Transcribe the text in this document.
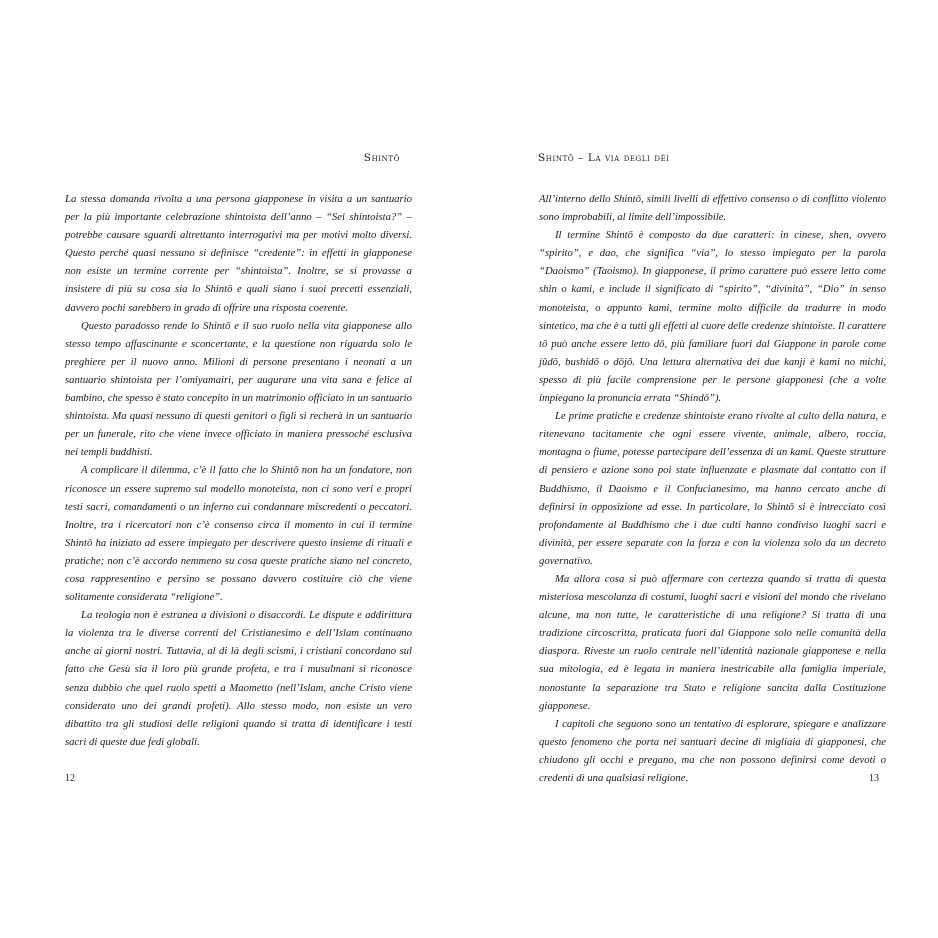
Shintō

La stessa domanda rivolta a una persona giapponese in visita a un santuario per la più importante celebrazione shintoista dell’anno – “Sei shintoista?” – potrebbe causare sguardi altrettanto interrogativi ma per motivi molto diversi. Questo perché quasi nessuno si definisce “credente”: in effetti in giapponese non esiste un termine corrente per “shintoista”. Inoltre, se si provasse a insistere di più su cosa sia lo Shintō e quali siano i suoi precetti essenziali, davvero pochi sarebbero in grado di offrire una risposta coerente.

Questo paradosso rende lo Shintō e il suo ruolo nella vita giapponese allo stesso tempo affascinante e sconcertante, e la questione non riguarda solo le preghiere per il nuovo anno. Milioni di persone presentano i neonati a un santuario shintoista per l’omiyamairi, per augurare una vita sana e felice al bambino, che spesso è stato concepito in un matrimonio officiato in un santuario shintoista. Ma quasi nessuno di questi genitori o figli si recherà in un santuario per un funerale, rito che viene invece officiato in maniera pressoché esclusiva nei templi buddhisti.

A complicare il dilemma, c’è il fatto che lo Shintō non ha un fondatore, non riconosce un essere supremo sul modello monoteista, non ci sono veri e propri testi sacri, comandamenti o un inferno cui condannare miscredenti o peccatori. Inoltre, tra i ricercatori non c’è consenso circa il momento in cui il termine Shintō ha iniziato ad essere impiegato per descrivere questo insieme di rituali e pratiche; non c’è accordo nemmeno su cosa queste pratiche siano nel concreto, cosa rappresentino e persino se possano davvero costituire ciò che viene solitamente considerata “religione”.

La teologia non è estranea a divisioni o disaccordi. Le dispute e addirittura la violenza tra le diverse correnti del Cristianesimo e dell’Islam continuano anche ai giorni nostri. Tuttavia, al di là degli scismi, i cristiani concordano sul fatto che Gesù sia il loro più grande profeta, e tra i musulmani si riconosce senza dubbio che quel ruolo spetti a Maometto (nell’Islam, anche Cristo viene considerato uno dei grandi profeti). Allo stesso modo, non esiste un vero dibattito tra gli studiosi delle religioni quando si tratta di identificare i testi sacri di queste due fedi globali.

12
Shintō – La via degli dèi

All’interno dello Shintō, simili livelli di effettivo consenso o di conflitto violento sono improbabili, al limite dell’impossibile.

Il termine Shintō è composto da due caratteri: in cinese, shen, ovvero “spirito”, e dao, che significa “via”, lo stesso impiegato per la parola “Daoismo” (Taoismo). In giapponese, il primo carattere può essere letto come shin o kami, e include il significato di “spirito”, “divinità”, “Dio” in senso monoteista, o appunto kami, termine molto difficile da tradurre in modo sintetico, ma che è a tutti gli effetti al cuore delle credenze shintoiste. Il carattere tō può anche essere letto dō, più familiare fuori dal Giappone in parole come jūdō, bushidō o dōjō. Una lettura alternativa dei due kanji è kami no michi, spesso di più facile comprensione per le persone giapponesi (che a volte impiegano la pronuncia errata “Shindō”).

Le prime pratiche e credenze shintoiste erano rivolte al culto della natura, e ritenevano tacitamente che ogni essere vivente, animale, albero, roccia, montagna o fiume, potesse partecipare dell’essenza di un kami. Queste strutture di pensiero e azione sono poi state influenzate e plasmate dal contatto con il Buddhismo, il Daoismo e il Confucianesimo, ma hanno cercato anche di definirsi in opposizione ad esse. In particolare, lo Shintō si è intrecciato così profondamente al Buddhismo che i due culti hanno condiviso luoghi sacri e divinità, per essere separate con la forza e con la violenza solo da un decreto governativo.

Ma allora cosa si può affermare con certezza quando si tratta di questa misteriosa mescolanza di costumi, luoghi sacri e visioni del mondo che rivelano alcune, ma non tutte, le caratteristiche di una religione? Si tratta di una tradizione circoscritta, praticata fuori dal Giappone solo nelle comunità della diaspora. Riveste un ruolo centrale nell’identità nazionale giapponese e nella sua mitologia, ed è legata in maniera inestricabile alla famiglia imperiale, nonostante la separazione tra Stato e religione sancita dalla Costituzione giapponese.

I capitoli che seguono sono un tentativo di esplorare, spiegare e analizzare questo fenomeno che porta nei santuari decine di migliaia di giapponesi, che chiudono gli occhi e pregano, ma che non possono definirsi come devoti o credenti di una qualsiasi religione.	13
